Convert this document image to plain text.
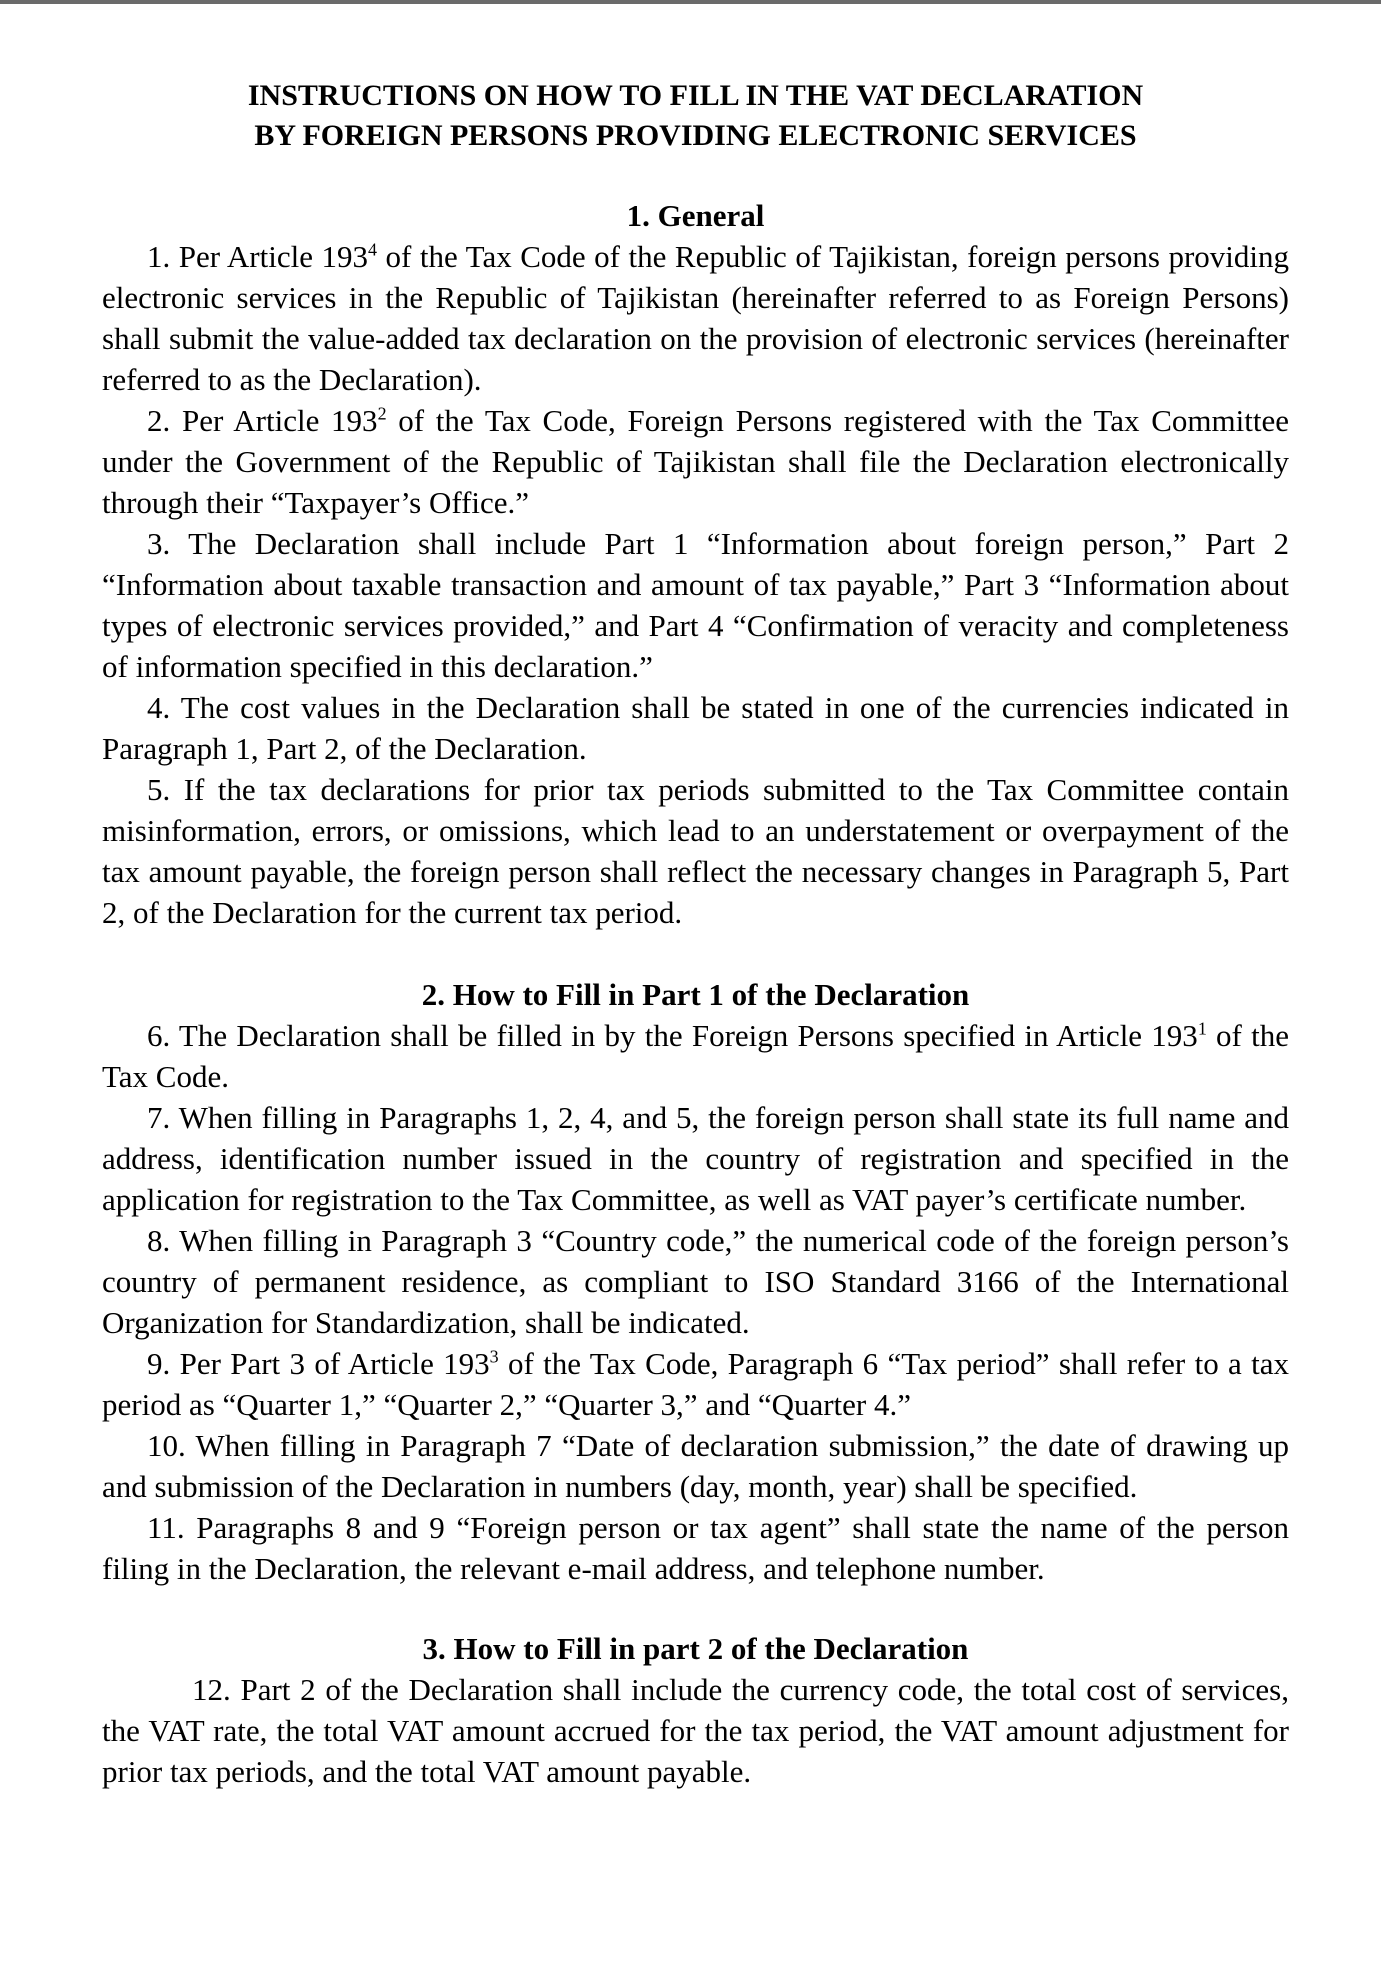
INSTRUCTIONS ON HOW TO FILL IN THE VAT DECLARATION
BY FOREIGN PERSONS PROVIDING ELECTRONIC SERVICES
1. General

1. Per Article $193^4$ of the Tax Code of the Republic of Tajikistan, foreign persons providing electronic services in the Republic of Tajikistan (hereinafter referred to as Foreign Persons) shall submit the value-added tax declaration on the provision of electronic services (hereinafter referred to as the Declaration).

2. Per Article $193^2$ of the Tax Code, Foreign Persons registered with the Tax Committee under the Government of the Republic of Tajikistan shall file the Declaration electronically through their “Taxpayer’s Office.”

3. The Declaration shall include Part 1 “Information about foreign person,” Part 2 “Information about taxable transaction and amount of tax payable,” Part 3 “Information about types of electronic services provided,” and Part 4 “Confirmation of veracity and completeness of information specified in this declaration.”

4. The cost values in the Declaration shall be stated in one of the currencies indicated in Paragraph 1, Part 2, of the Declaration.

5. If the tax declarations for prior tax periods submitted to the Tax Committee contain misinformation, errors, or omissions, which lead to an understatement or overpayment of the tax amount payable, the foreign person shall reflect the necessary changes in Paragraph 5, Part 2, of the Declaration for the current tax period.

2. How to Fill in Part 1 of the Declaration

6. The Declaration shall be filled in by the Foreign Persons specified in Article $193^1$ of the Tax Code.

7. When filling in Paragraphs 1, 2, 4, and 5, the foreign person shall state its full name and address, identification number issued in the country of registration and specified in the application for registration to the Tax Committee, as well as VAT payer’s certificate number.

8. When filling in Paragraph 3 “Country code,” the numerical code of the foreign person’s country of permanent residence, as compliant to ISO Standard 3166 of the International Organization for Standardization, shall be indicated.

9. Per Part 3 of Article $193^3$ of the Tax Code, Paragraph 6 “Tax period” shall refer to a tax period as “Quarter 1,” “Quarter 2,” “Quarter 3,” and “Quarter 4.”

10. When filling in Paragraph 7 “Date of declaration submission,” the date of drawing up and submission of the Declaration in numbers (day, month, year) shall be specified.

11. Paragraphs 8 and 9 “Foreign person or tax agent” shall state the name of the person filing in the Declaration, the relevant e-mail address, and telephone number.

3. How to Fill in part 2 of the Declaration

12. Part 2 of the Declaration shall include the currency code, the total cost of services, the VAT rate, the total VAT amount accrued for the tax period, the VAT amount adjustment for prior tax periods, and the total VAT amount payable.
